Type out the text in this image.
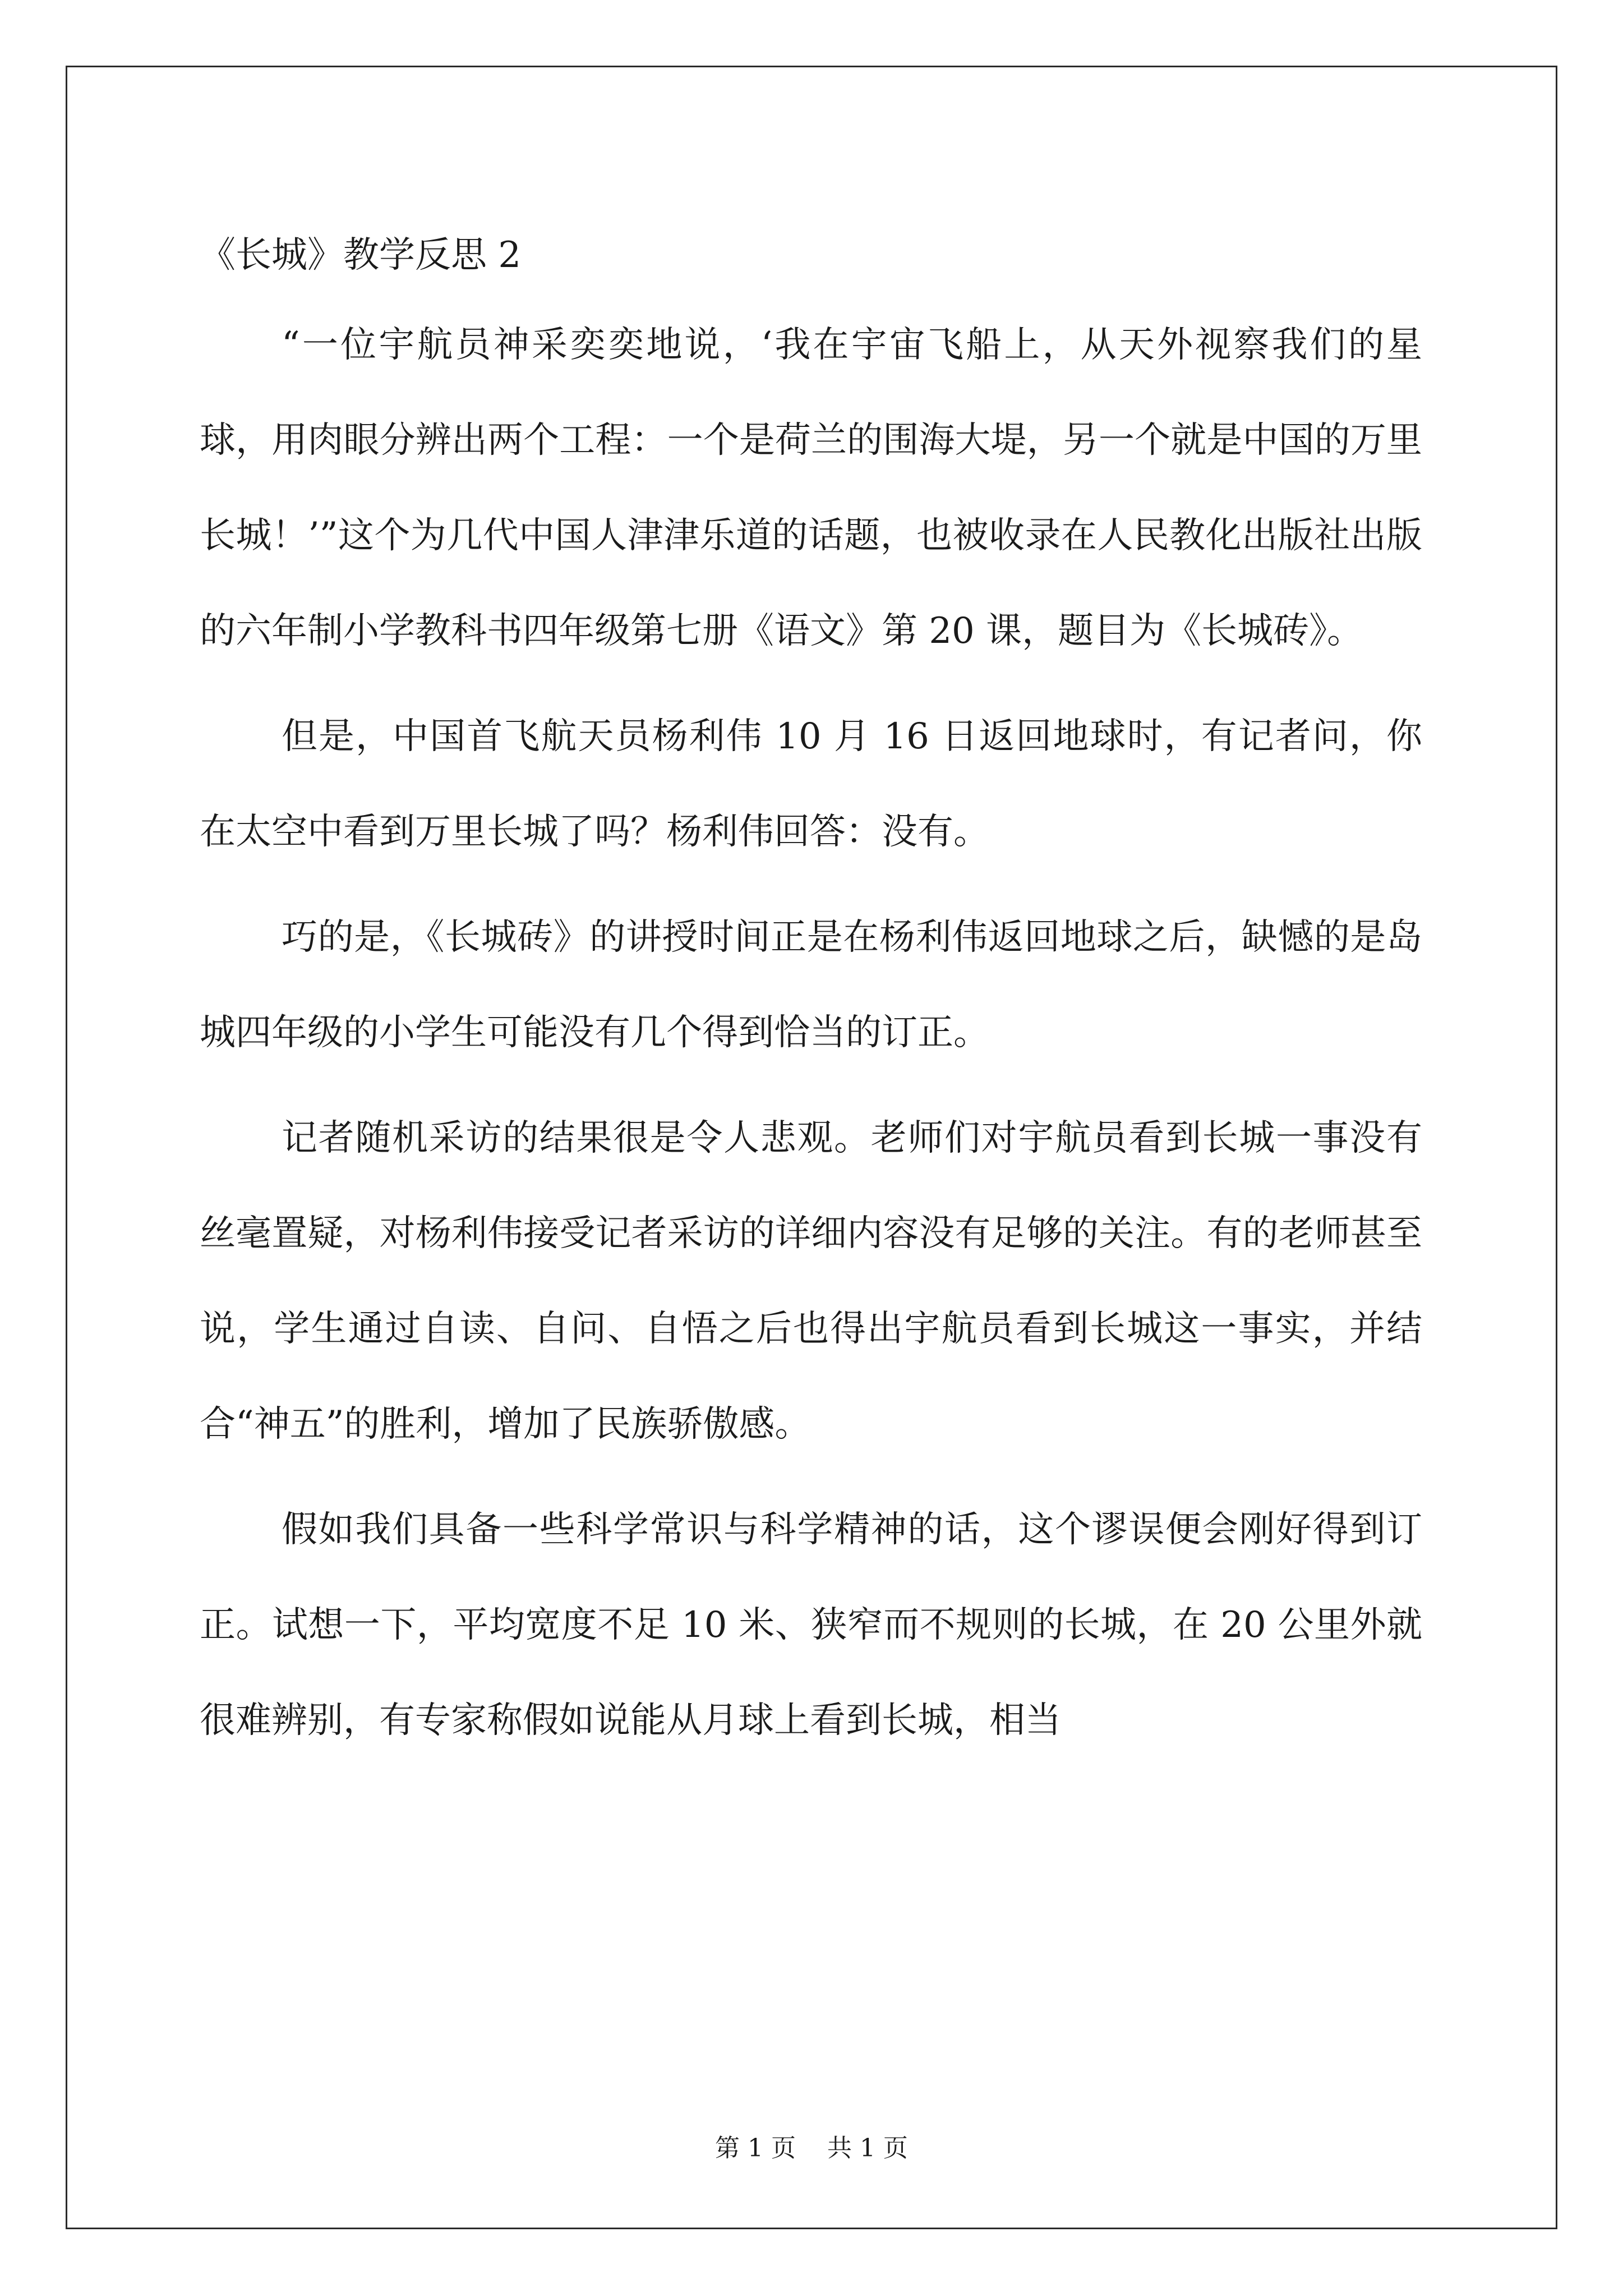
《长城》教学反思 2

“一位宇航员神采奕奕地说，‘我在宇宙飞船上，从天外视察我们的星球，用肉眼分辨出两个工程：一个是荷兰的围海大堤，另一个就是中国的万里长城！’”这个为几代中国人津津乐道的话题，也被收录在人民教化出版社出版的六年制小学教科书四年级第七册《语文》第 20 课，题目为《长城砖》。

但是，中国首飞航天员杨利伟 10 月 16 日返回地球时，有记者问，你在太空中看到万里长城了吗？杨利伟回答：没有。

巧的是，《长城砖》的讲授时间正是在杨利伟返回地球之后，缺憾的是岛城四年级的小学生可能没有几个得到恰当的订正。

记者随机采访的结果很是令人悲观。老师们对宇航员看到长城一事没有丝毫置疑，对杨利伟接受记者采访的详细内容没有足够的关注。有的老师甚至说，学生通过自读、自问、自悟之后也得出宇航员看到长城这一事实，并结合“神五”的胜利，增加了民族骄傲感。

假如我们具备一些科学常识与科学精神的话，这个谬误便会刚好得到订正。试想一下，平均宽度不足 10 米、狭窄而不规则的长城，在 20 公里外就很难辨别，有专家称假如说能从月球上看到长城，相当

第 1 页    共 1 页
